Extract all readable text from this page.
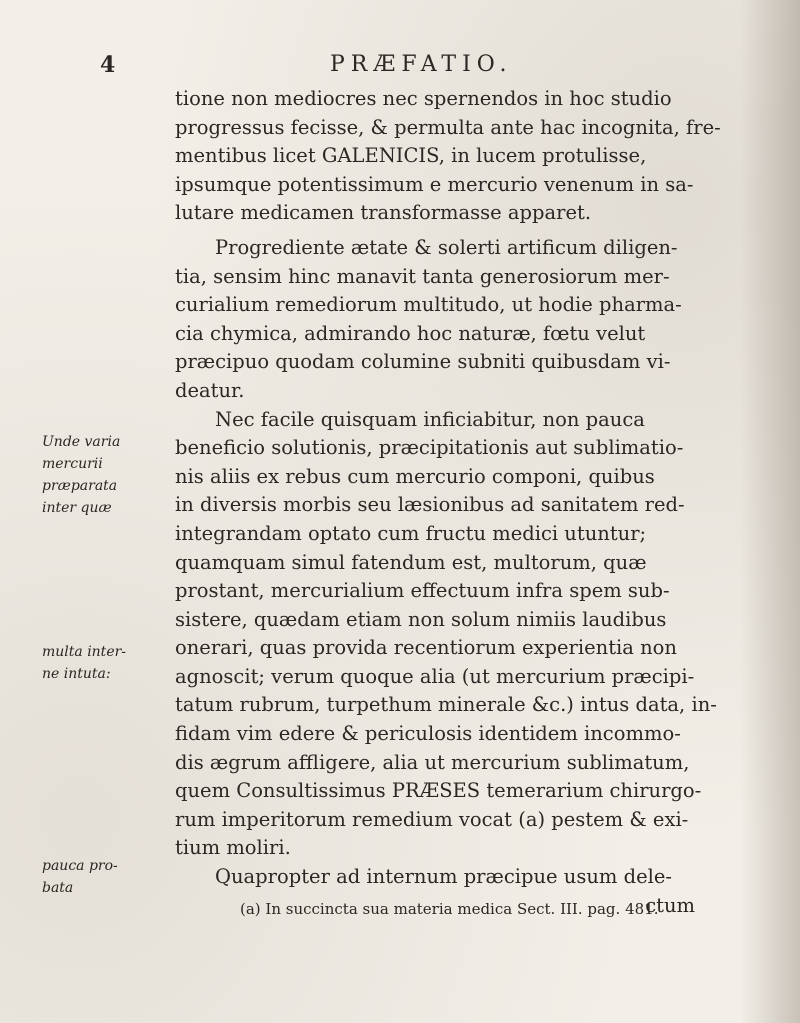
4	PRÆFATIO.
Unde varia
mercurii
præparata
inter quæ
multa inter-
ne intuta:
pauca pro-
bata
tione non mediocres nec spernendos in hoc studio
progressus fecisse, & permulta ante hac incognita, fre-
mentibus licet GALENICIS, in lucem protulisse,
ipsumque potentissimum e mercurio venenum in sa-
lutare medicamen transformasse apparet.
Progrediente ætate & solerti artificum diligen-
tia, sensim hinc manavit tanta generosiorum mer-
curialium remediorum multitudo, ut hodie pharma-
cia chymica, admirando hoc naturæ, fœtu velut
præcipuo quodam columine subniti quibusdam vi-
deatur.
Nec facile quisquam inficiabitur, non pauca
beneficio solutionis, præcipitationis aut sublimatio-
nis aliis ex rebus cum mercurio componi, quibus
in diversis morbis seu læsionibus ad sanitatem red-
integrandam optato cum fructu medici utuntur;
quamquam simul fatendum est, multorum, quæ
prostant, mercurialium effectuum infra spem sub-
sistere, quædam etiam non solum nimiis laudibus
onerari, quas provida recentiorum experientia non
agnoscit; verum quoque alia (ut mercurium præcipi-
tatum rubrum, turpethum minerale &c.) intus data, in-
fidam vim edere & periculosis identidem incommo-
dis ægrum affligere, alia ut mercurium sublimatum,
quem Consultissimus PRÆSES temerarium chirurgo-
rum imperitorum remedium vocat (a) pestem & exi-
tium moliri.
Quapropter ad internum præcipue usum dele-
ctum
(a) In succincta sua materia medica Sect. III. pag. 481.
